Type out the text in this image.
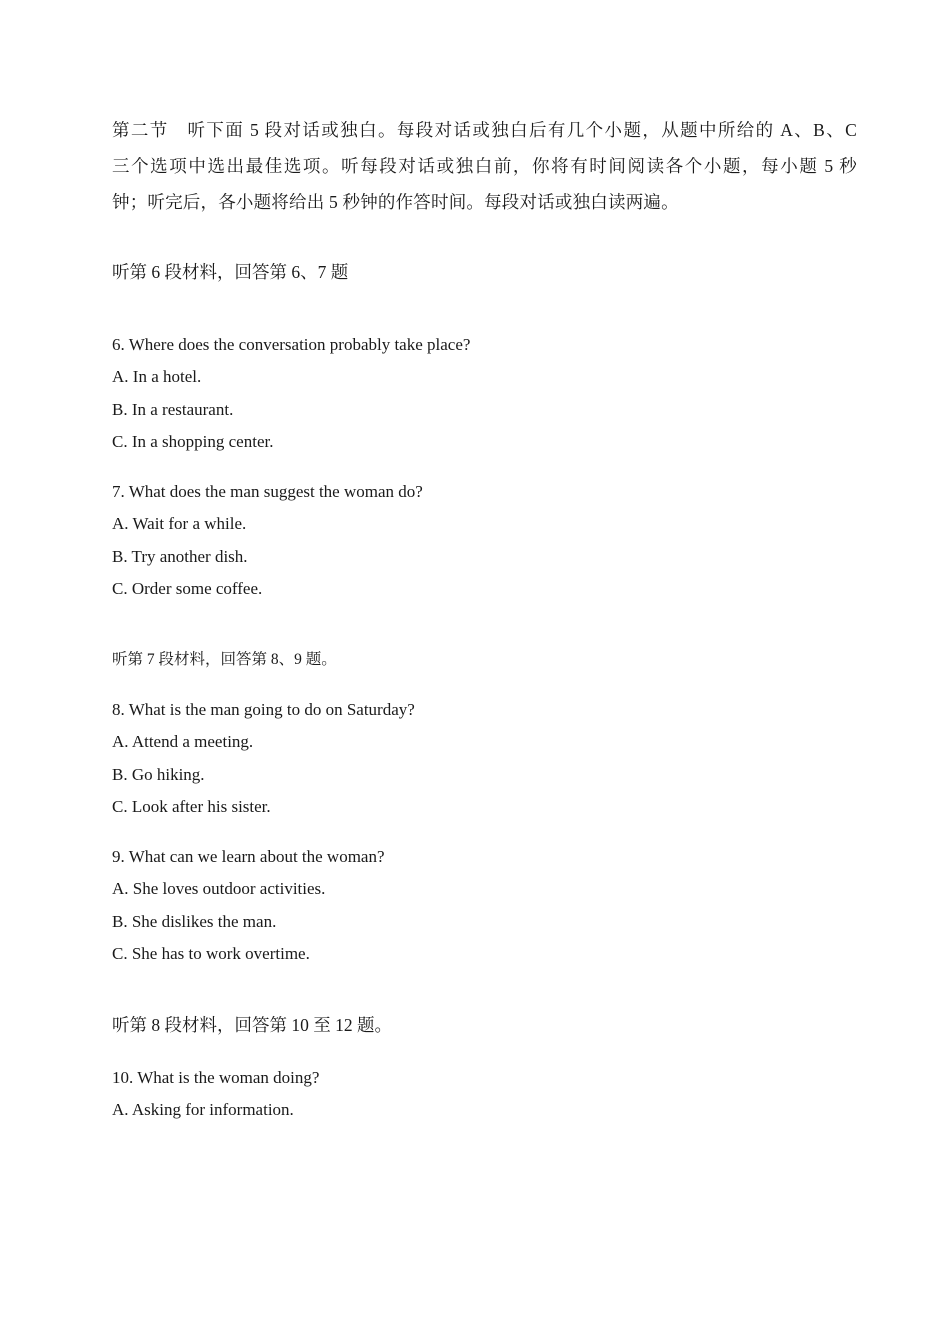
第二节　听下面 5 段对话或独白。每段对话或独白后有几个小题，从题中所给的 A、B、C
三个选项中选出最佳选项。听每段对话或独白前，你将有时间阅读各个小题，每小题 5 秒
钟；听完后，各小题将给出 5 秒钟的作答时间。每段对话或独白读两遍。
听第 6 段材料，回答第 6、7 题
6. Where does the conversation probably take place?
A. In a hotel.
B. In a restaurant.
C. In a shopping center.
7. What does the man suggest the woman do?
A. Wait for a while.
B. Try another dish.
C. Order some coffee.
听第 7 段材料，回答第 8、9 题。
8. What is the man going to do on Saturday?
A. Attend a meeting.
B. Go hiking.
C. Look after his sister.
9. What can we learn about the woman?
A. She loves outdoor activities.
B. She dislikes the man.
C. She has to work overtime.
听第 8 段材料，回答第 10 至 12 题。
10. What is the woman doing?
A. Asking for information.
